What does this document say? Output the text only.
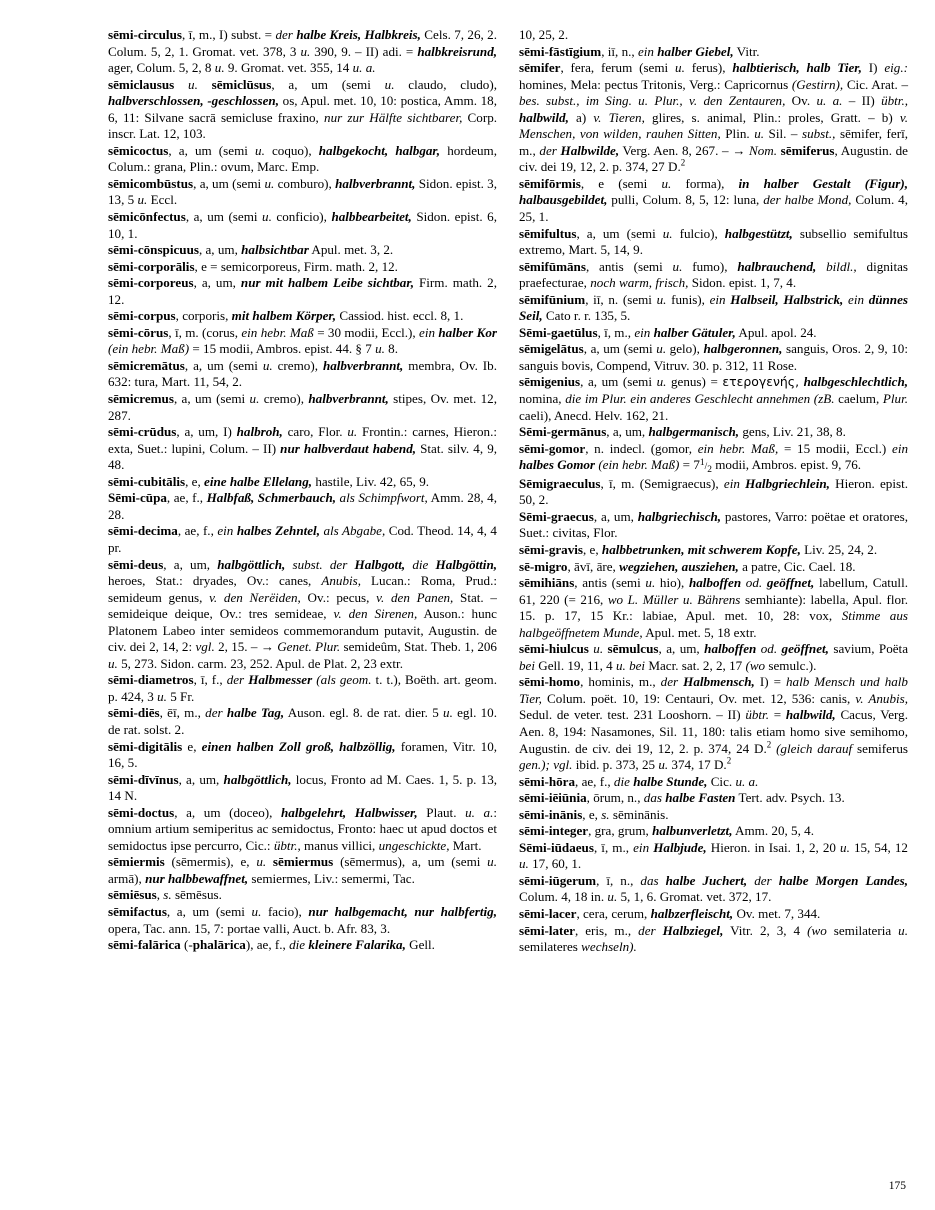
sēmi-circulus, ī, m., I) subst. = der halbe Kreis, Halbkreis, Cels. 7, 26, 2. Colum. 5, 2, 1. Gromat. vet. 378, 3 u. 390, 9. – II) adi. = halbkreisrund, ager, Colum. 5, 2, 8 u. 9. Gromat. vet. 355, 14 u. a.

sēmiclausus u. sēmiclūsus, a, um (semi u. claudo, cludo), halbverschlossen, -geschlossen, os, Apul. met. 10, 10: postica, Amm. 18, 6, 11: Silvane sacrā semicluse fraxino, nur zur Hälfte sichtbarer, Corp. inscr. Lat. 12, 103.

sēmicoctus, a, um (semi u. coquo), halbgekocht, halbgar, hordeum, Colum.: grana, Plin.: ovum, Marc. Emp.

sēmicombūstus, a, um (semi u. comburo), halbverbrannt, Sidon. epist. 3, 13, 5 u. Eccl.

sēmicōnfectus, a, um (semi u. conficio), halbbearbeitet, Sidon. epist. 6, 10, 1.

sēmi-cōnspicuus, a, um, halbsichtbar Apul. met. 3, 2.

sēmi-corporālis, e = semicorporeus, Firm. math. 2, 12.

sēmi-corporeus, a, um, nur mit halbem Leibe sichtbar, Firm. math. 2, 12.

sēmi-corpus, corporis, mit halbem Körper, Cassiod. hist. eccl. 8, 1.

sēmi-cōrus, ī, m. (corus, ein hebr. Maß = 30 modii, Eccl.), ein halber Kor (ein hebr. Maß) = 15 modii, Ambros. epist. 44. § 7 u. 8.

sēmicremātus, a, um (semi u. cremo), halbverbrannt, membra, Ov. Ib. 632: tura, Mart. 11, 54, 2.

sēmicremus, a, um (semi u. cremo), halbverbrannt, stipes, Ov. met. 12, 287.

sēmi-crūdus, a, um, I) halbroh, caro, Flor. u. Frontin.: carnes, Hieron.: exta, Suet.: lupini, Colum. – II) nur halbverdaut habend, Stat. silv. 4, 9, 48.

sēmi-cubitālis, e, eine halbe Ellelang, hastile, Liv. 42, 65, 9.

Sēmi-cūpa, ae, f., Halbfaß, Schmerbauch, als Schimpfwort, Amm. 28, 4, 28.

sēmi-decima, ae, f., ein halbes Zehntel, als Abgabe, Cod. Theod. 14, 4, 4 pr.

sēmi-deus, a, um, halbgöttlich, subst. der Halbgott, die Halbgöttin, heroes, Stat.: dryades, Ov.: canes, Anubis, Lucan.: Roma, Prud.: semideum genus, v. den Nerëiden, Ov.: pecus, v. den Panen, Stat. – semideique deique, Ov.: tres semideae, v. den Sirenen, Auson.: hunc Platonem Labeo inter semideos commemorandum putavit, Augustin. de civ. dei 2, 14, 2: vgl. 2, 15. – → Genet. Plur. semideûm, Stat. Theb. 1, 206 u. 5, 273. Sidon. carm. 23, 252. Apul. de Plat. 2, 23 extr.

sēmi-diametros, ī, f., der Halbmesser (als geom. t. t.), Boëth. art. geom. p. 424, 3 u. 5 Fr.

sēmi-diēs, ēī, m., der halbe Tag, Auson. egl. 8. de rat. dier. 5 u. egl. 10. de rat. solst. 2.

sēmi-digitālis e, einen halben Zoll groß, halbzöllig, foramen, Vitr. 10, 16, 5.

sēmi-dīvīnus, a, um, halbgöttlich, locus, Fronto ad M. Caes. 1, 5. p. 13, 14 N.

sēmi-doctus, a, um (doceo), halbgelehrt, Halbwisser, Plaut. u. a.: omnium artium semiperitus ac semidoctus, Fronto: haec ut apud doctos et semidoctus ipse percurro, Cic.: übtr., manus villici, ungeschickte, Mart.

sēmiermis (sēmermis), e, u. sēmiermus (sēmermus), a, um (semi u. armā), nur halbbewaffnet, semiermes, Liv.: semermi, Tac.

sēmiēsus, s. sēmēsus.

sēmifactus, a, um (semi u. facio), nur halbgemacht, nur halbfertig, opera, Tac. ann. 15, 7: portae valli, Auct. b. Afr. 83, 3.

sēmi-falārica (-phalārica), ae, f., die kleinere Falarika, Gell.

10, 25, 2.

sēmi-fāstīgium, iī, n., ein halber Giebel, Vitr.

sēmifer, fera, ferum (semi u. ferus), halbtierisch, halb Tier, I) eig.: homines, Mela: pectus Tritonis, Verg.: Capricornus (Gestirn), Cic. Arat. – bes. subst., im Sing. u. Plur., v. den Zentauren, Ov. u. a. – II) übtr., halbwild, a) v. Tieren, glires, s. animal, Plin.: proles, Gratt. – b) v. Menschen, von wilden, rauhen Sitten, Plin. u. Sil. – subst., sēmifer, ferī, m., der Halbwilde, Verg. Aen. 8, 267. – → Nom. sēmiferus, Augustin. de civ. dei 19, 12, 2. p. 374, 27 D.$^2$

sēmifōrmis, e (semi u. forma), in halber Gestalt (Figur), halbausgebildet, pulli, Colum. 8, 5, 12: luna, der halbe Mond, Colum. 4, 25, 1.

sēmifultus, a, um (semi u. fulcio), halbgestützt, subsellio semifultus extremo, Mart. 5, 14, 9.

sēmifūmāns, antis (semi u. fumo), halbrauchend, bildl., dignitas praefecturae, noch warm, frisch, Sidon. epist. 1, 7, 4.

sēmifūnium, iī, n. (semi u. funis), ein Halbseil, Halbstrick, ein dünnes Seil, Cato r. r. 135, 5.

Sēmi-gaetūlus, ī, m., ein halber Gätuler, Apul. apol. 24.

sēmigelātus, a, um (semi u. gelo), halbgeronnen, sanguis, Oros. 2, 9, 10: sanguis bovis, Compend, Vitruv. 30. p. 312, 11 Rose.

sēmigenius, a, um (semi u. genus) = ετερογενής, halbgeschlechtlich, nomina, die im Plur. ein anderes Geschlecht annehmen (zB. caelum, Plur. caeli), Anecd. Helv. 162, 21.

Sēmi-germānus, a, um, halbgermanisch, gens, Liv. 21, 38, 8.

sēmi-gomor, n. indecl. (gomor, ein hebr. Maß, = 15 modii, Eccl.) ein halbes Gomor (ein hebr. Maß) = $7^1/_2$ modii, Ambros. epist. 9, 76.

Sēmigraeculus, ī, m. (Semigraecus), ein Halbgriechlein, Hieron. epist. 50, 2.

Sēmi-graecus, a, um, halbgriechisch, pastores, Varro: poëtae et oratores, Suet.: civitas, Flor.

sēmi-gravis, e, halbbetrunken, mit schwerem Kopfe, Liv. 25, 24, 2.

sē-migro, āvī, āre, wegziehen, ausziehen, a patre, Cic. Cael. 18.

sēmihiāns, antis (semi u. hio), halboffen od. geöffnet, labellum, Catull. 61, 220 (= 216, wo L. Müller u. Bährens semhiante): labella, Apul. flor. 15. p. 17, 15 Kr.: labiae, Apul. met. 10, 28: vox, Stimme aus halbgeöffnetem Munde, Apul. met. 5, 18 extr.

sēmi-hiulcus u. sēmulcus, a, um, halboffen od. geöffnet, savium, Poëta bei Gell. 19, 11, 4 u. bei Macr. sat. 2, 2, 17 (wo semulc.).

sēmi-homo, hominis, m., der Halbmensch, I) = halb Mensch und halb Tier, Colum. poët. 10, 19: Centauri, Ov. met. 12, 536: canis, v. Anubis, Sedul. de veter. test. 231 Looshorn. – II) übtr. = halbwild, Cacus, Verg. Aen. 8, 194: Nasamones, Sil. 11, 180: talis etiam homo sive semihomo, Augustin. de civ. dei 19, 12, 2. p. 374, 24 D.$^2$ (gleich darauf semiferus gen.); vgl. ibid. p. 373, 25 u. 374, 17 D.$^2$

sēmi-hōra, ae, f., die halbe Stunde, Cic. u. a.

sēmi-iēiūnia, ōrum, n., das halbe Fasten Tert. adv. Psych. 13.

sēmi-inānis, e, s. sēminānis.

sēmi-integer, gra, grum, halbunverletzt, Amm. 20, 5, 4.

Sēmi-iūdaeus, ī, m., ein Halbjude, Hieron. in Isai. 1, 2, 20 u. 15, 54, 12 u. 17, 60, 1.

sēmi-iūgerum, ī, n., das halbe Juchert, der halbe Morgen Landes, Colum. 4, 18 in. u. 5, 1, 6. Gromat. vet. 372, 17.

sēmi-lacer, cera, cerum, halbzerfleischt, Ov. met. 7, 344.

sēmi-later, eris, m., der Halbziegel, Vitr. 2, 3, 4 (wo semilateria u. semilateres wechseln).

175
